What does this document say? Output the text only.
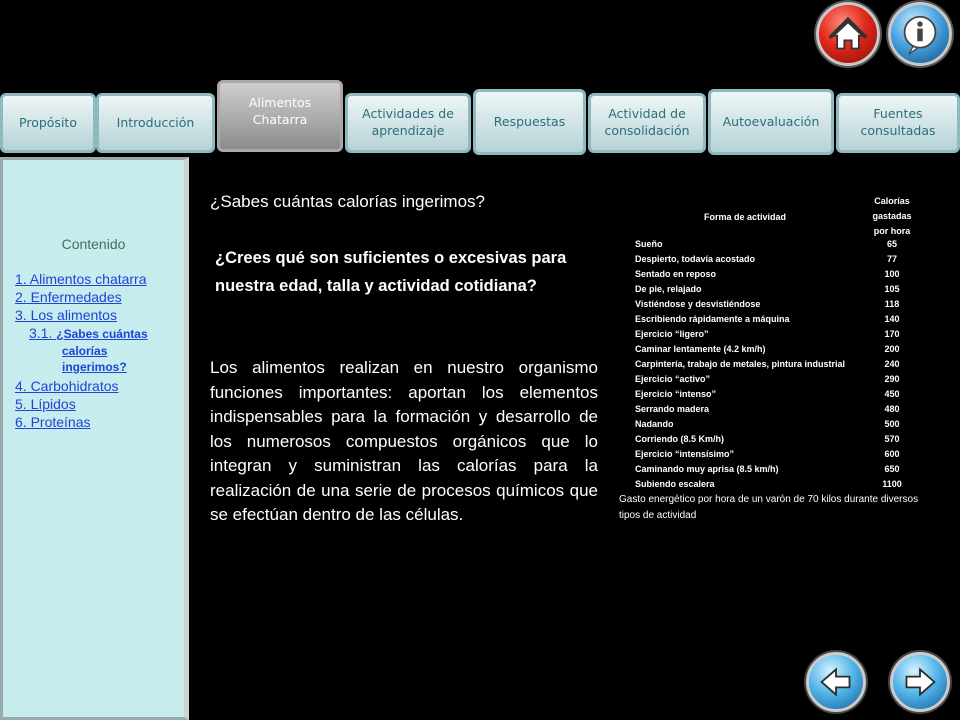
Propósito	Introducción
Alimentos
Chatarra	Actividades de
aprendizaje
Respuestas	Actividad de
consolidación
Autoevaluación	Fuentes
consultadas
Contenido
1. Alimentos chatarra
2. Enfermedades
3. Los alimentos
3.1. ¿Sabes cuántas
calorías
ingerimos?
4. Carbohidratos
5. Lípidos
6. Proteínas
¿Sabes cuántas calorías ingerimos?
¿Crees qué son suficientes o excesivas para nuestra edad, talla y actividad cotidiana?
Los alimentos realizan en nuestro organismo funciones importantes: aportan los elementos indispensables para la formación y desarrollo de los numerosos compuestos orgánicos que lo integran y suministran las calorías para la realización de una serie de procesos químicos que se efectúan dentro de las células.
Forma de actividad
Calorías
gastadas
por hora
Sueño	65
Despierto, todavía acostado	77
Sentado en reposo	100
De pie, relajado	105
Vistiéndose y desvistiéndose	118
Escribiendo rápidamente a máquina	140
Ejercicio “ligero”	170
Caminar lentamente (4.2 km/h)	200
Carpintería, trabajo de metales, pintura industrial	240
Ejercicio “activo”	290
Ejercicio “intenso”	450
Serrando madera	480
Nadando	500
Corriendo (8.5 Km/h)	570
Ejercicio “intensísimo”	600
Caminando muy aprisa (8.5 km/h)	650
Subiendo escalera	1100
Gasto energético por hora de un varón de 70 kilos durante diversos tipos de actividad
